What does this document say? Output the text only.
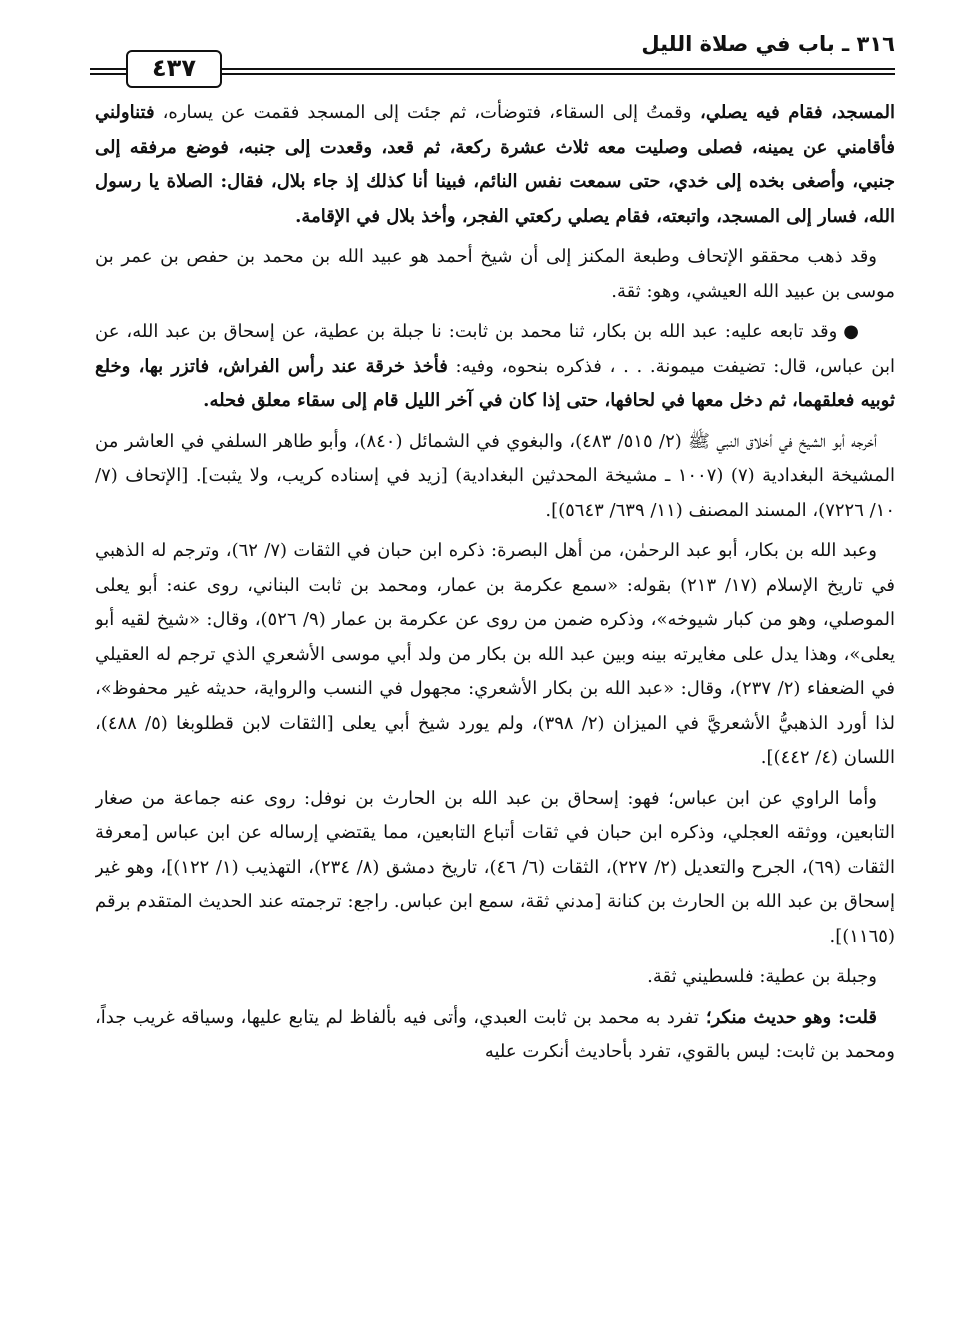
٣١٦ ـ باب في صلاة الليل
٤٣٧

المسجد، فقام فيه يصلي، وقمتُ إلى السقاء، فتوضأت، ثم جئت إلى المسجد فقمت عن يساره، فتناولني فأقامني عن يمينه، فصلى وصليت معه ثلاث عشرة ركعة، ثم قعد، وقعدت إلى جنبه، فوضع مرفقه إلى جنبي، وأصغى بخده إلى خدي، حتى سمعت نفس النائم، فبينا أنا كذلك إذ جاء بلال، فقال: الصلاة يا رسول الله، فسار إلى المسجد، واتبعته، فقام يصلي ركعتي الفجر، وأخذ بلال في الإقامة.

وقد ذهب محققو الإتحاف وطبعة المكنز إلى أن شيخ أحمد هو عبيد الله بن محمد بن حفص بن عمر بن موسى بن عبيد الله العيشي، وهو: ثقة.

●وقد تابعه عليه: عبد الله بن بكار، ثنا محمد بن ثابت: نا جبلة بن عطية، عن إسحاق بن عبد الله، عن ابن عباس، قال: تضيفت ميمونة. . . ، فذكره بنحوه، وفيه: فأخذ خرقة عند رأس الفراش، فاتزر بها، وخلع ثوبيه فعلقهما، ثم دخل معها في لحافها، حتى إذا كان في آخر الليل قام إلى سقاء معلق فحله.

أخرجه أبو الشيخ في أخلاق النبي ﷺ (٢/ ٥١٥/ ٤٨٣)، والبغوي في الشمائل (٨٤٠)، وأبو طاهر السلفي في العاشر من المشيخة البغدادية (٧) (١٠٠٧ ـ مشيخة المحدثين البغدادية) [زيد في إسناده كريب، ولا يثبت]. [الإتحاف (٧/ ١٠/ ٧٢٢٦)، المسند المصنف (١١/ ٦٣٩/ ٥٦٤٣)].

وعبد الله بن بكار، أبو عبد الرحمٰن، من أهل البصرة: ذكره ابن حبان في الثقات (٧/ ٦٢)، وترجم له الذهبي في تاريخ الإسلام (١٧/ ٢١٣) بقوله: «سمع عكرمة بن عمار، ومحمد بن ثابت البناني، روى عنه: أبو يعلى الموصلي، وهو من كبار شيوخه»، وذكره ضمن من روى عن عكرمة بن عمار (٩/ ٥٢٦)، وقال: «شيخ لقيه أبو يعلى»، وهذا يدل على مغايرته بينه وبين عبد الله بن بكار من ولد أبي موسى الأشعري الذي ترجم له العقيلي في الضعفاء (٢/ ٢٣٧)، وقال: «عبد الله بن بكار الأشعري: مجهول في النسب والرواية، حديثه غير محفوظ»، لذا أورد الذهبيُّ الأشعريَّ في الميزان (٢/ ٣٩٨)، ولم يورد شيخ أبي يعلى [الثقات لابن قطلوبغا (٥/ ٤٨٨)، اللسان (٤/ ٤٤٢)].

وأما الراوي عن ابن عباس؛ فهو: إسحاق بن عبد الله بن الحارث بن نوفل: روى عنه جماعة من صغار التابعين، ووثقه العجلي، وذكره ابن حبان في ثقات أتباع التابعين، مما يقتضي إرساله عن ابن عباس [معرفة الثقات (٦٩)، الجرح والتعديل (٢/ ٢٢٧)، الثقات (٦/ ٤٦)، تاريخ دمشق (٨/ ٢٣٤)، التهذيب (١/ ١٢٢)]، وهو غير إسحاق بن عبد الله بن الحارث بن كنانة [مدني ثقة، سمع ابن عباس. راجع: ترجمته عند الحديث المتقدم برقم (١١٦٥)].

وجبلة بن عطية: فلسطيني ثقة.

قلت: وهو حديث منكر؛ تفرد به محمد بن ثابت العبدي، وأتى فيه بألفاظ لم يتابع عليها، وسياقه غريب جداً، ومحمد بن ثابت: ليس بالقوي، تفرد بأحاديث أنكرت عليه
